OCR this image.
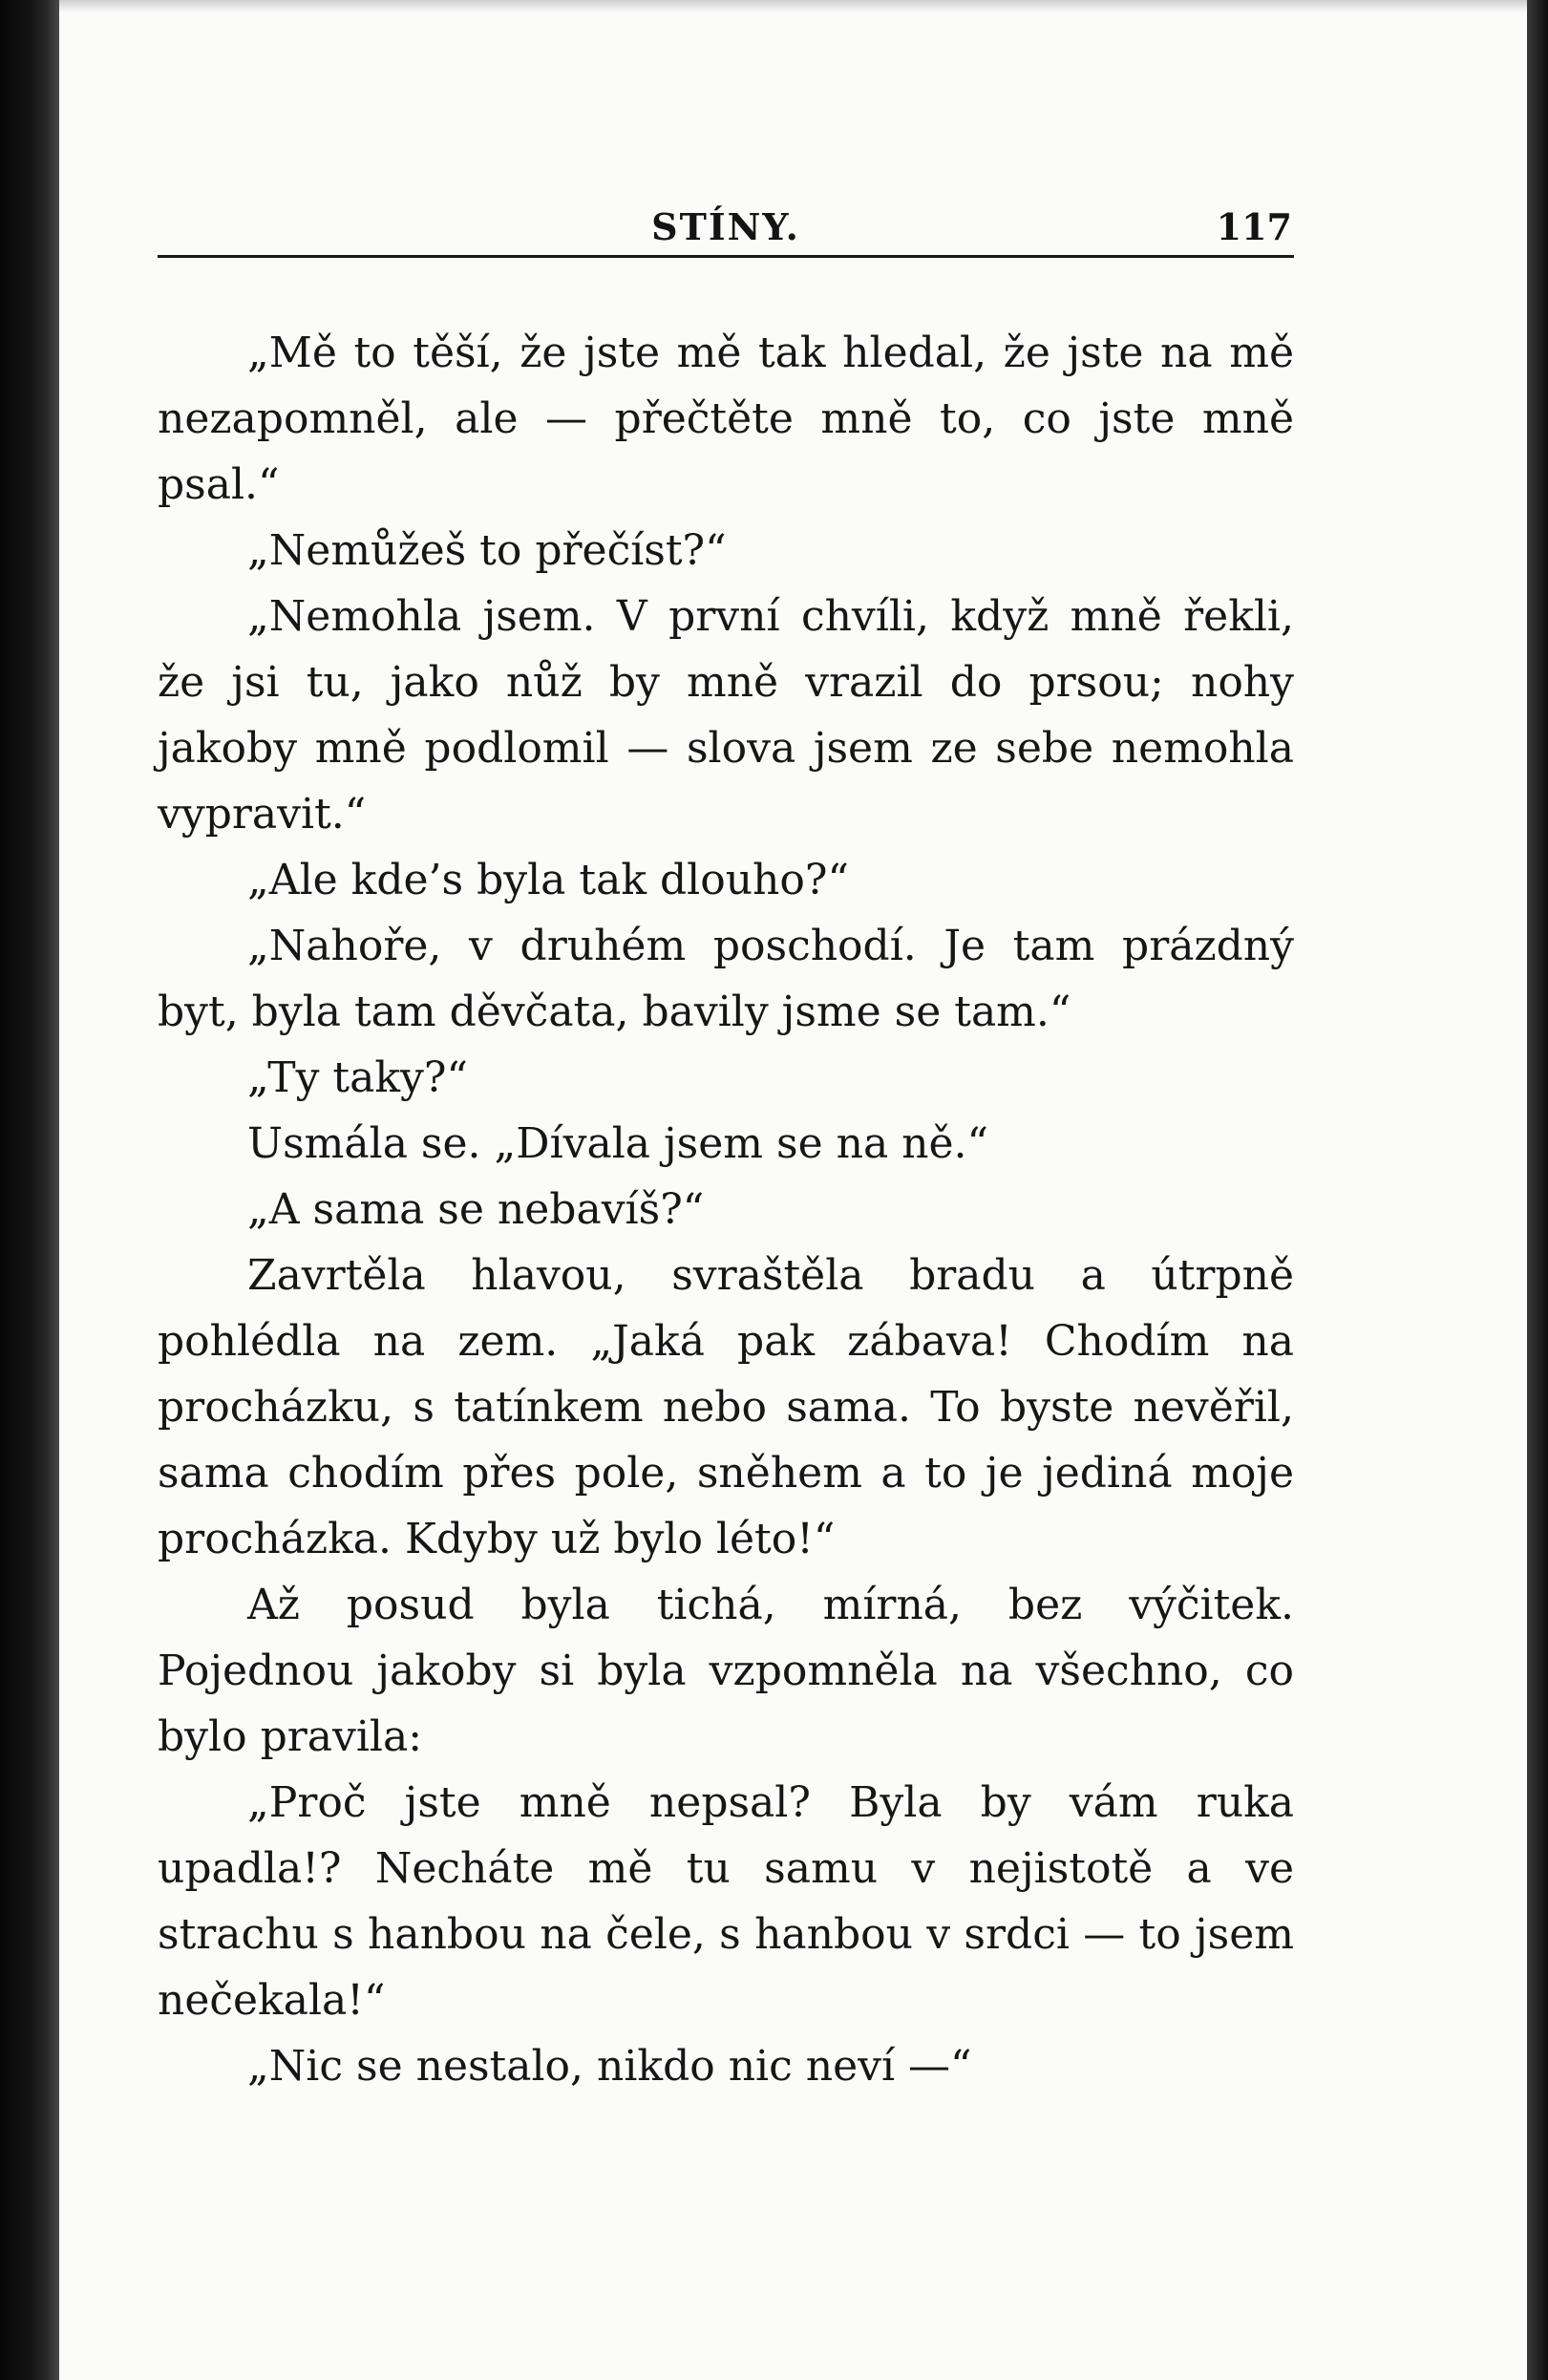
STÍNY.	117

„Mě to těší, že jste mě tak hledal, že jste na mě nezapomněl, ale — přečtěte mně to, co jste mně psal.“

„Nemůžeš to přečíst?“

„Nemohla jsem. V první chvíli, když mně řekli, že jsi tu, jako nůž by mně vrazil do prsou; nohy jakoby mně podlomil — slova jsem ze sebe nemohla vypravit.“

„Ale kde’s byla tak dlouho?“

„Nahoře, v druhém poschodí. Je tam prázdný byt, byla tam děvčata, bavily jsme se tam.“

„Ty taky?“

Usmála se. „Dívala jsem se na ně.“

„A sama se nebavíš?“

Zavrtěla hlavou, svraštěla bradu a útrpně pohlédla na zem. „Jaká pak zábava! Chodím na procházku, s tatínkem nebo sama. To byste nevěřil, sama chodím přes pole, sněhem a to je jediná moje procházka. Kdyby už bylo léto!“

Až posud byla tichá, mírná, bez výčitek. Pojednou jakoby si byla vzpomněla na všechno, co bylo pravila:

„Proč jste mně nepsal? Byla by vám ruka upadla!? Necháte mě tu samu v nejistotě a ve strachu s hanbou na čele, s hanbou v srdci — to jsem nečekala!“

„Nic se nestalo, nikdo nic neví —“
